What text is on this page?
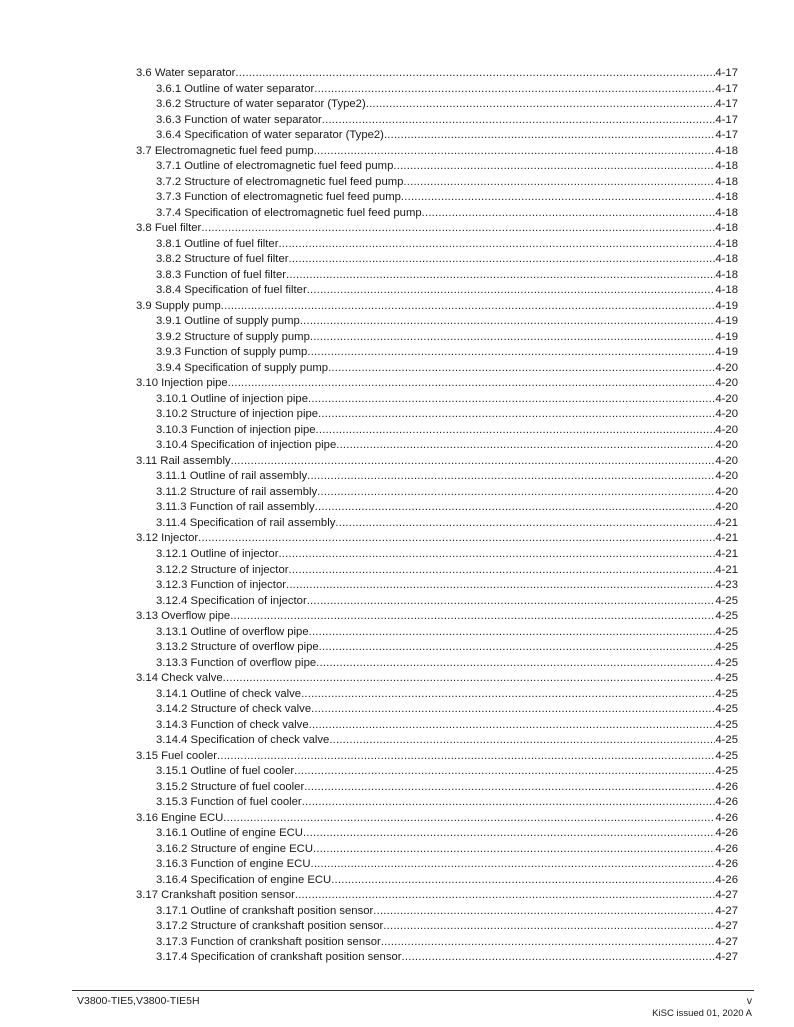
3.6 Water separator .....	4-17
3.6.1 Outline of water separator .....	4-17
3.6.2 Structure of water separator (Type2) .....	4-17
3.6.3 Function of water separator .....	4-17
3.6.4 Specification of water separator (Type2) .....	4-17
3.7 Electromagnetic fuel feed pump .....	4-18
3.7.1 Outline of electromagnetic fuel feed pump .....	4-18
3.7.2 Structure of electromagnetic fuel feed pump .....	4-18
3.7.3 Function of electromagnetic fuel feed pump .....	4-18
3.7.4 Specification of electromagnetic fuel feed pump .....	4-18
3.8 Fuel filter .....	4-18
3.8.1 Outline of fuel filter .....	4-18
3.8.2 Structure of fuel filter .....	4-18
3.8.3 Function of fuel filter .....	4-18
3.8.4 Specification of fuel filter .....	4-18
3.9 Supply pump .....	4-19
3.9.1 Outline of supply pump .....	4-19
3.9.2 Structure of supply pump .....	4-19
3.9.3 Function of supply pump .....	4-19
3.9.4 Specification of supply pump .....	4-20
3.10 Injection pipe .....	4-20
3.10.1 Outline of injection pipe .....	4-20
3.10.2 Structure of injection pipe .....	4-20
3.10.3 Function of injection pipe .....	4-20
3.10.4 Specification of injection pipe .....	4-20
3.11 Rail assembly .....	4-20
3.11.1 Outline of rail assembly .....	4-20
3.11.2 Structure of rail assembly .....	4-20
3.11.3 Function of rail assembly .....	4-20
3.11.4 Specification of rail assembly .....	4-21
3.12 Injector .....	4-21
3.12.1 Outline of injector .....	4-21
3.12.2 Structure of injector .....	4-21
3.12.3 Function of injector .....	4-23
3.12.4 Specification of injector .....	4-25
3.13 Overflow pipe .....	4-25
3.13.1 Outline of overflow pipe .....	4-25
3.13.2 Structure of overflow pipe .....	4-25
3.13.3 Function of overflow pipe .....	4-25
3.14 Check valve .....	4-25
3.14.1 Outline of check valve .....	4-25
3.14.2 Structure of check valve .....	4-25
3.14.3 Function of check valve .....	4-25
3.14.4 Specification of check valve .....	4-25
3.15 Fuel cooler .....	4-25
3.15.1 Outline of fuel cooler .....	4-25
3.15.2 Structure of fuel cooler .....	4-26
3.15.3 Function of fuel cooler .....	4-26
3.16 Engine ECU .....	4-26
3.16.1 Outline of engine ECU .....	4-26
3.16.2 Structure of engine ECU .....	4-26
3.16.3 Function of engine ECU .....	4-26
3.16.4 Specification of engine ECU .....	4-26
3.17 Crankshaft position sensor .....	4-27
3.17.1 Outline of crankshaft position sensor .....	4-27
3.17.2 Structure of crankshaft position sensor .....	4-27
3.17.3 Function of crankshaft position sensor .....	4-27
3.17.4 Specification of crankshaft position sensor .....	4-27
V3800-TIE5,V3800-TIE5H	v
KiSC issued 01, 2020 A
